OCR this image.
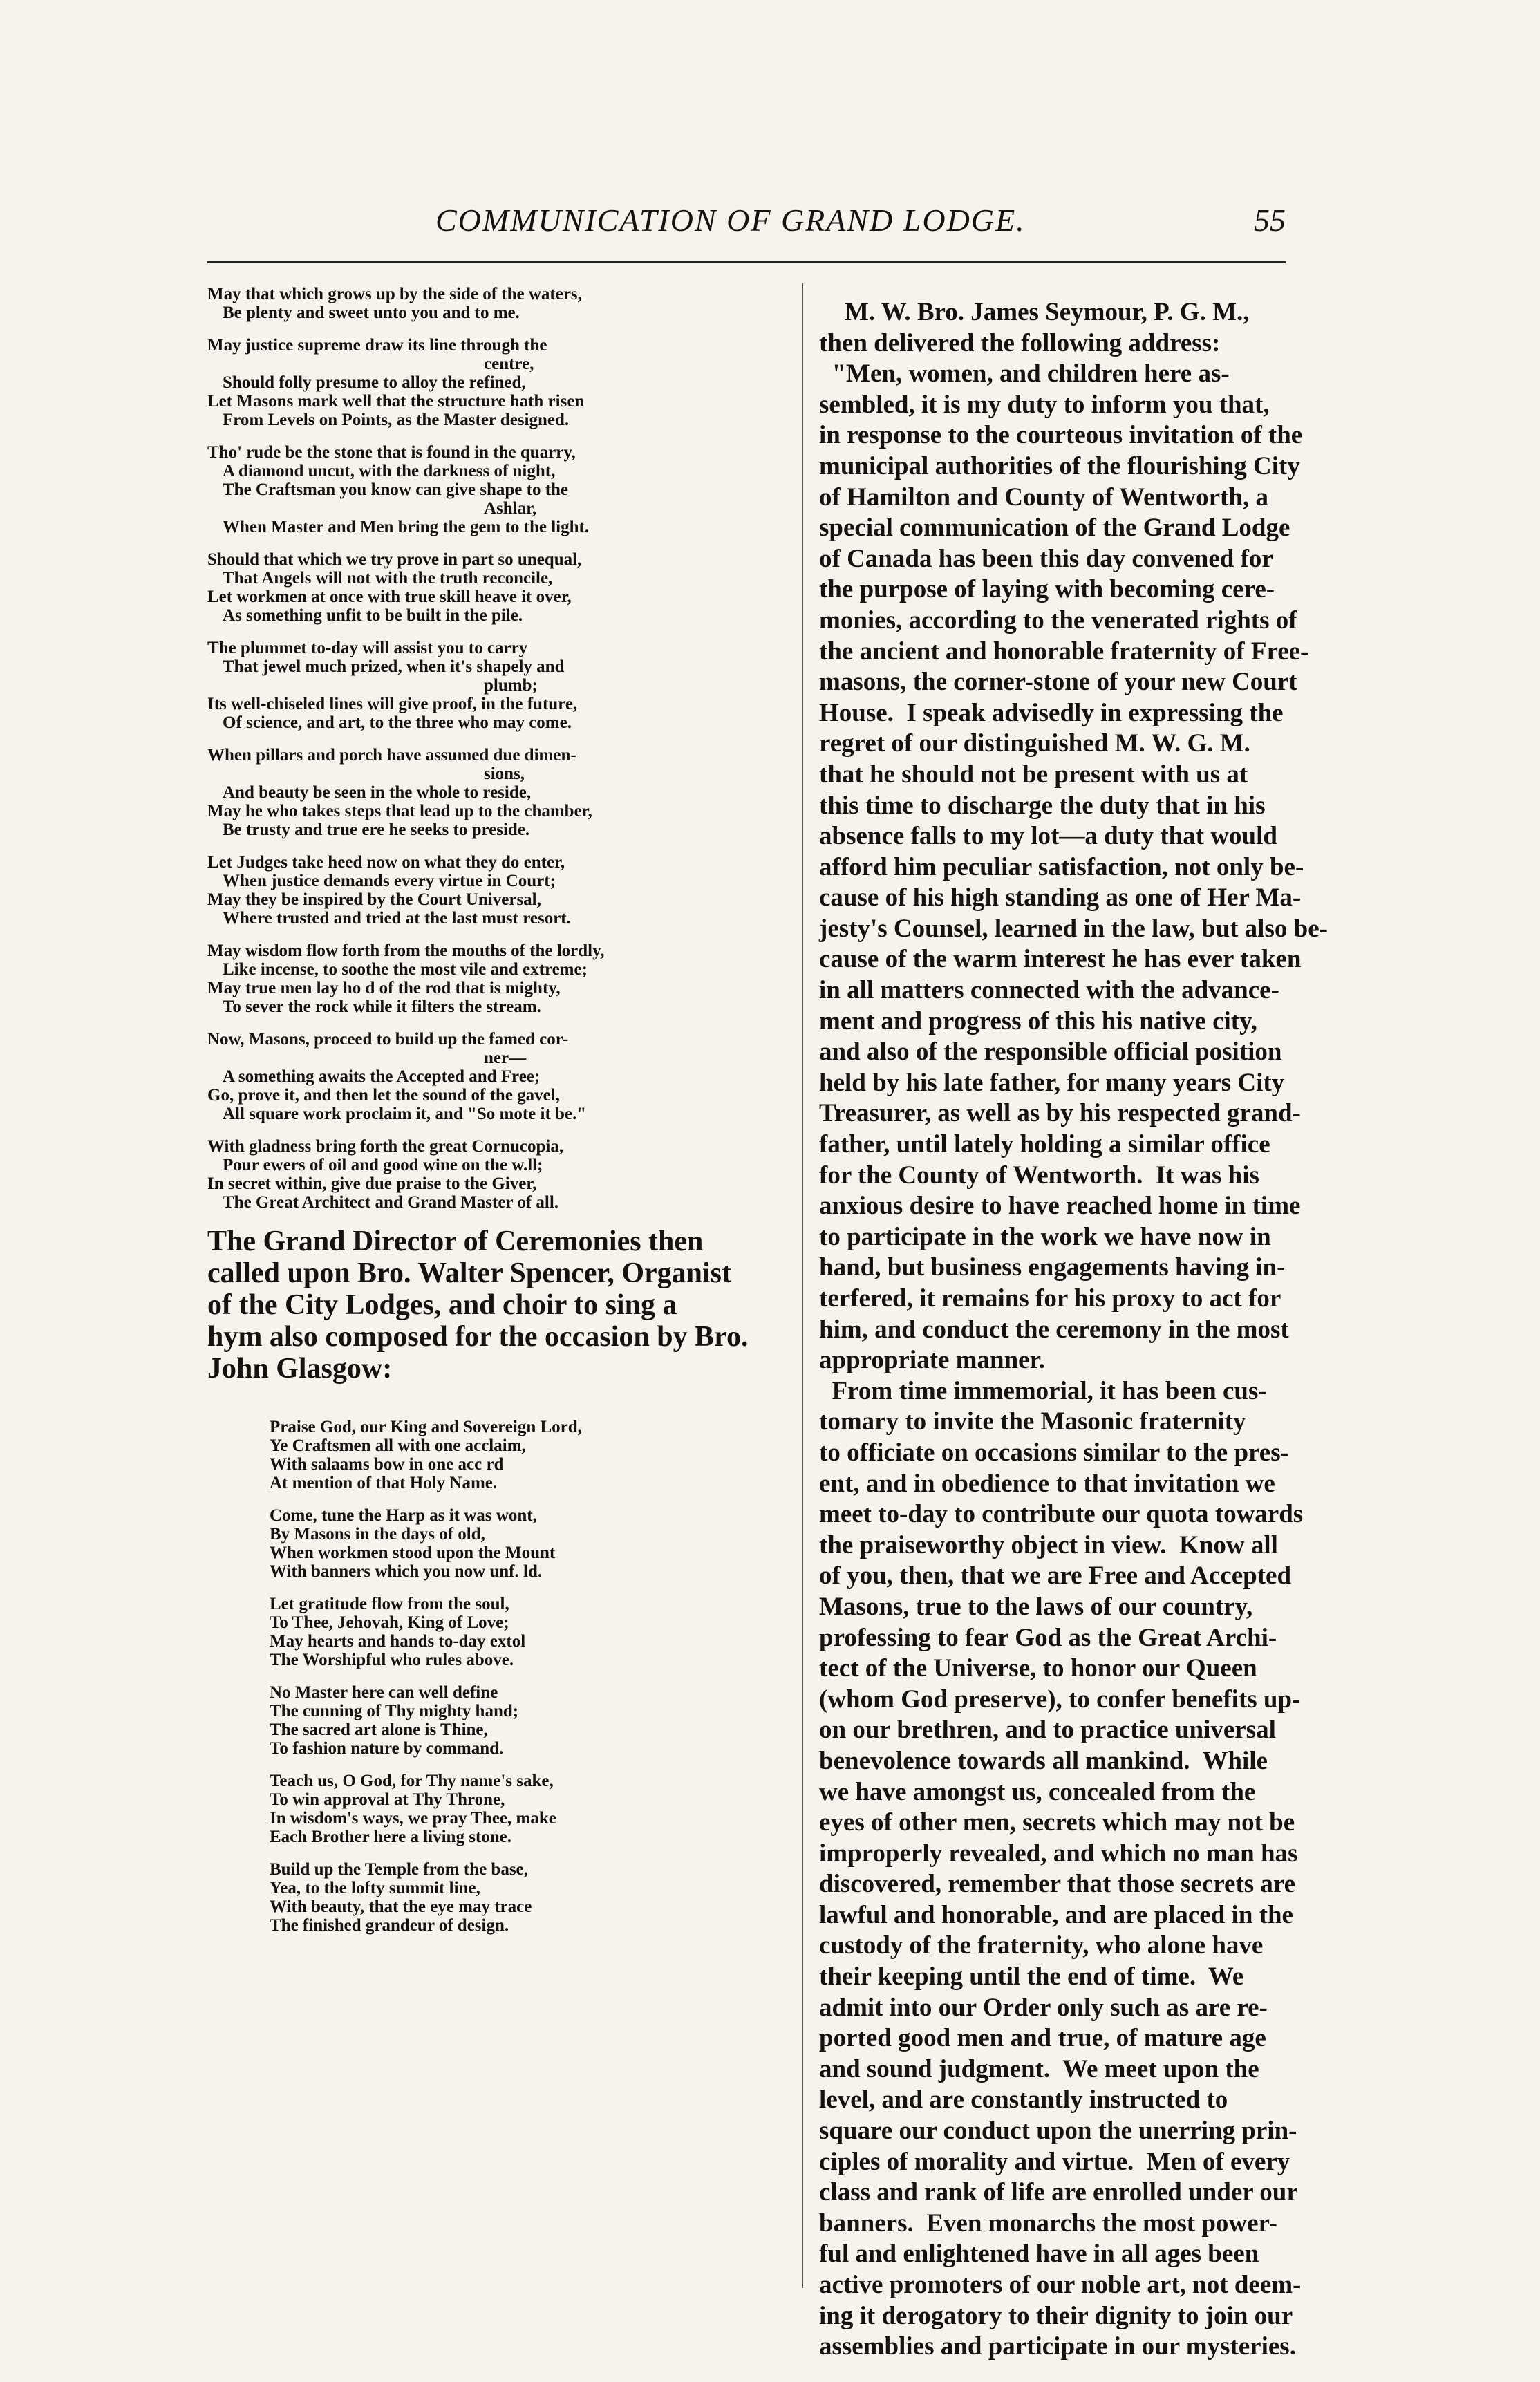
COMMUNICATION OF GRAND LODGE.	55
May that which grows up by the side of the waters,
Be plenty and sweet unto you and to me.
May justice supreme draw its line through the
centre,
Should folly presume to alloy the refined,
Let Masons mark well that the structure hath risen
From Levels on Points, as the Master designed.
Tho' rude be the stone that is found in the quarry,
A diamond uncut, with the darkness of night,
The Craftsman you know can give shape to the
Ashlar,
When Master and Men bring the gem to the light.
Should that which we try prove in part so unequal,
That Angels will not with the truth reconcile,
Let workmen at once with true skill heave it over,
As something unfit to be built in the pile.
The plummet to-day will assist you to carry
That jewel much prized, when it's shapely and
plumb;
Its well-chiseled lines will give proof, in the future,
Of science, and art, to the three who may come.
When pillars and porch have assumed due dimen-
sions,
And beauty be seen in the whole to reside,
May he who takes steps that lead up to the chamber,
Be trusty and true ere he seeks to preside.
Let Judges take heed now on what they do enter,
When justice demands every virtue in Court;
May they be inspired by the Court Universal,
Where trusted and tried at the last must resort.
May wisdom flow forth from the mouths of the lordly,
Like incense, to soothe the most vile and extreme;
May true men lay ho d of the rod that is mighty,
To sever the rock while it filters the stream.
Now, Masons, proceed to build up the famed cor-
ner—
A something awaits the Accepted and Free;
Go, prove it, and then let the sound of the gavel,
All square work proclaim it, and "So mote it be."
With gladness bring forth the great Cornucopia,
Pour ewers of oil and good wine on the w.ll;
In secret within, give due praise to the Giver,
The Great Architect and Grand Master of all.
The Grand Director of Ceremonies then
called upon Bro. Walter Spencer, Organist
of the City Lodges, and choir to sing a
hym also composed for the occasion by Bro.
John Glasgow:
Praise God, our King and Sovereign Lord,
Ye Craftsmen all with one acclaim,
With salaams bow in one acc rd
At mention of that Holy Name.
Come, tune the Harp as it was wont,
By Masons in the days of old,
When workmen stood upon the Mount
With banners which you now unf. ld.
Let gratitude flow from the soul,
To Thee, Jehovah, King of Love;
May hearts and hands to-day extol
The Worshipful who rules above.
No Master here can well define
The cunning of Thy mighty hand;
The sacred art alone is Thine,
To fashion nature by command.
Teach us, O God, for Thy name's sake,
To win approval at Thy Throne,
In wisdom's ways, we pray Thee, make
Each Brother here a living stone.
Build up the Temple from the base,
Yea, to the lofty summit line,
With beauty, that the eye may trace
The finished grandeur of design.
M. W. Bro. James Seymour, P. G. M.,
then delivered the following address:
"Men, women, and children here as-
sembled, it is my duty to inform you that,
in response to the courteous invitation of the
municipal authorities of the flourishing City
of Hamilton and County of Wentworth, a
special communication of the Grand Lodge
of Canada has been this day convened for
the purpose of laying with becoming cere-
monies, according to the venerated rights of
the ancient and honorable fraternity of Free-
masons, the corner-stone of your new Court
House.  I speak advisedly in expressing the
regret of our distinguished M. W. G. M.
that he should not be present with us at
this time to discharge the duty that in his
absence falls to my lot—a duty that would
afford him peculiar satisfaction, not only be-
cause of his high standing as one of Her Ma-
jesty's Counsel, learned in the law, but also be-
cause of the warm interest he has ever taken
in all matters connected with the advance-
ment and progress of this his native city,
and also of the responsible official position
held by his late father, for many years City
Treasurer, as well as by his respected grand-
father, until lately holding a similar office
for the County of Wentworth.  It was his
anxious desire to have reached home in time
to participate in the work we have now in
hand, but business engagements having in-
terfered, it remains for his proxy to act for
him, and conduct the ceremony in the most
appropriate manner.
From time immemorial, it has been cus-
tomary to invite the Masonic fraternity
to officiate on occasions similar to the pres-
ent, and in obedience to that invitation we
meet to-day to contribute our quota towards
the praiseworthy object in view.  Know all
of you, then, that we are Free and Accepted
Masons, true to the laws of our country,
professing to fear God as the Great Archi-
tect of the Universe, to honor our Queen
(whom God preserve), to confer benefits up-
on our brethren, and to practice universal
benevolence towards all mankind.  While
we have amongst us, concealed from the
eyes of other men, secrets which may not be
improperly revealed, and which no man has
discovered, remember that those secrets are
lawful and honorable, and are placed in the
custody of the fraternity, who alone have
their keeping until the end of time.  We
admit into our Order only such as are re-
ported good men and true, of mature age
and sound judgment.  We meet upon the
level, and are constantly instructed to
square our conduct upon the unerring prin-
ciples of morality and virtue.  Men of every
class and rank of life are enrolled under our
banners.  Even monarchs the most power-
ful and enlightened have in all ages been
active promoters of our noble art, not deem-
ing it derogatory to their dignity to join our
assemblies and participate in our mysteries.
